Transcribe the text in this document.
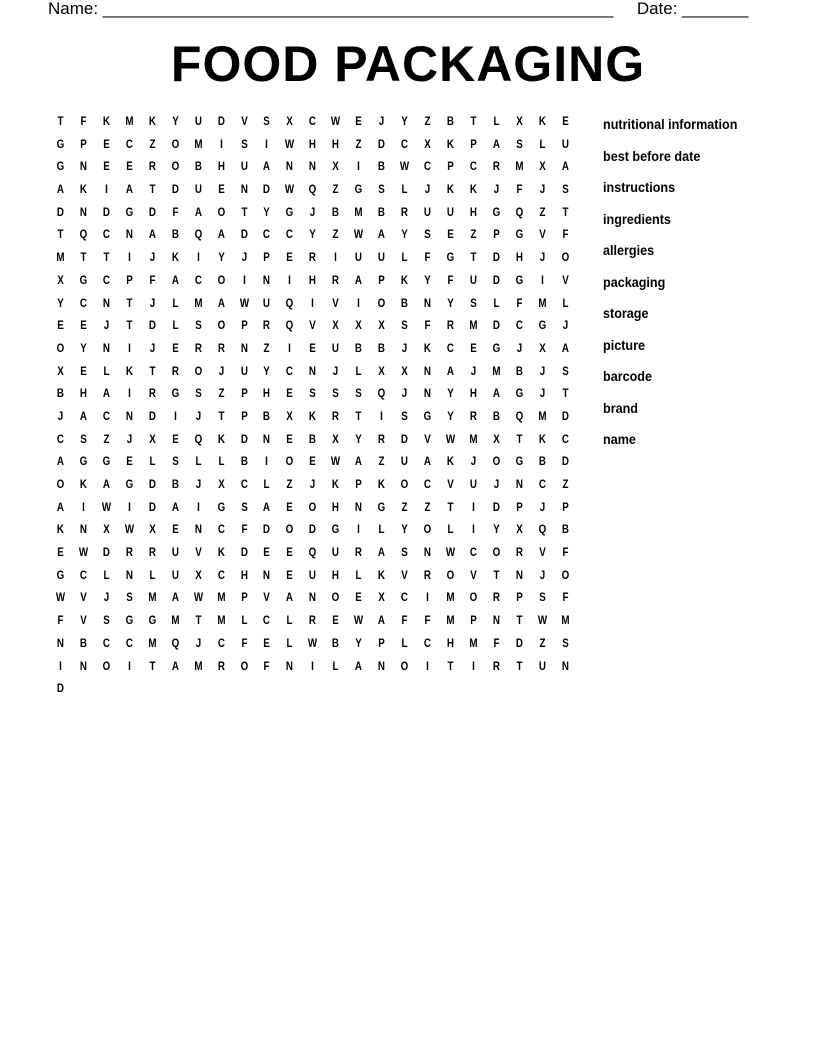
Name: ______________________________________________________ Date: _______
FOOD PACKAGING
T	F	K	M	K	Y	U	D	V	S	X	C	W	E	J	Y	Z	B	T	L	X	K	E
G	P	E	C	Z	O	M	I	S	I	W	H	H	Z	D	C	X	K	P	A	S	L	U
G	N	E	E	R	O	B	H	U	A	N	N	X	I	B	W	C	P	C	R	M	X	A
A	K	I	A	T	D	U	E	N	D	W	Q	Z	G	S	L	J	K	K	J	F	J	S
D	N	D	G	D	F	A	O	T	Y	G	J	B	M	B	R	U	U	H	G	Q	Z	T
T	Q	C	N	A	B	Q	A	D	C	C	Y	Z	W	A	Y	S	E	Z	P	G	V	F
M	T	T	I	J	K	I	Y	J	P	E	R	I	U	U	L	F	G	T	D	H	J	O
X	G	C	P	F	A	C	O	I	N	I	H	R	A	P	K	Y	F	U	D	G	I	V
Y	C	N	T	J	L	M	A	W	U	Q	I	V	I	O	B	N	Y	S	L	F	M	L
E	E	J	T	D	L	S	O	P	R	Q	V	X	X	X	S	F	R	M	D	C	G	J
O	Y	N	I	J	E	R	R	N	Z	I	E	U	B	B	J	K	C	E	G	J	X	A
X	E	L	K	T	R	O	J	U	Y	C	N	J	L	X	X	N	A	J	M	B	J	S
B	H	A	I	R	G	S	Z	P	H	E	S	S	S	Q	J	N	Y	H	A	G	J	T
J	A	C	N	D	I	J	T	P	B	X	K	R	T	I	S	G	Y	R	B	Q	M	D
C	S	Z	J	X	E	Q	K	D	N	E	B	X	Y	R	D	V	W	M	X	T	K	C
A	G	G	E	L	S	L	L	B	I	O	E	W	A	Z	U	A	K	J	O	G	B	D
O	K	A	G	D	B	J	X	C	L	Z	J	K	P	K	O	C	V	U	J	N	C	Z
A	I	W	I	D	A	I	G	S	A	E	O	H	N	G	Z	Z	T	I	D	P	J	P
K	N	X	W	X	E	N	C	F	D	O	D	G	I	L	Y	O	L	I	Y	X	Q	B
E	W	D	R	R	U	V	K	D	E	E	Q	U	R	A	S	N	W	C	O	R	V	F
G	C	L	N	L	U	X	C	H	N	E	U	H	L	K	V	R	O	V	T	N	J	O
W	V	J	S	M	A	W	M	P	V	A	N	O	E	X	C	I	M	O	R	P	S	F
F	V	S	G	G	M	T	M	L	C	L	R	E	W	A	F	F	M	P	N	T	W	M
N	B	C	C	M	Q	J	C	F	E	L	W	B	Y	P	L	C	H	M	F	D	Z	S
I	N	O	I	T	A	M	R	O	F	N	I	L	A	N	O	I	T	I	R	T	U	N
D
nutritional information
best before date
instructions
ingredients
allergies
packaging
storage
picture
barcode
brand
name
